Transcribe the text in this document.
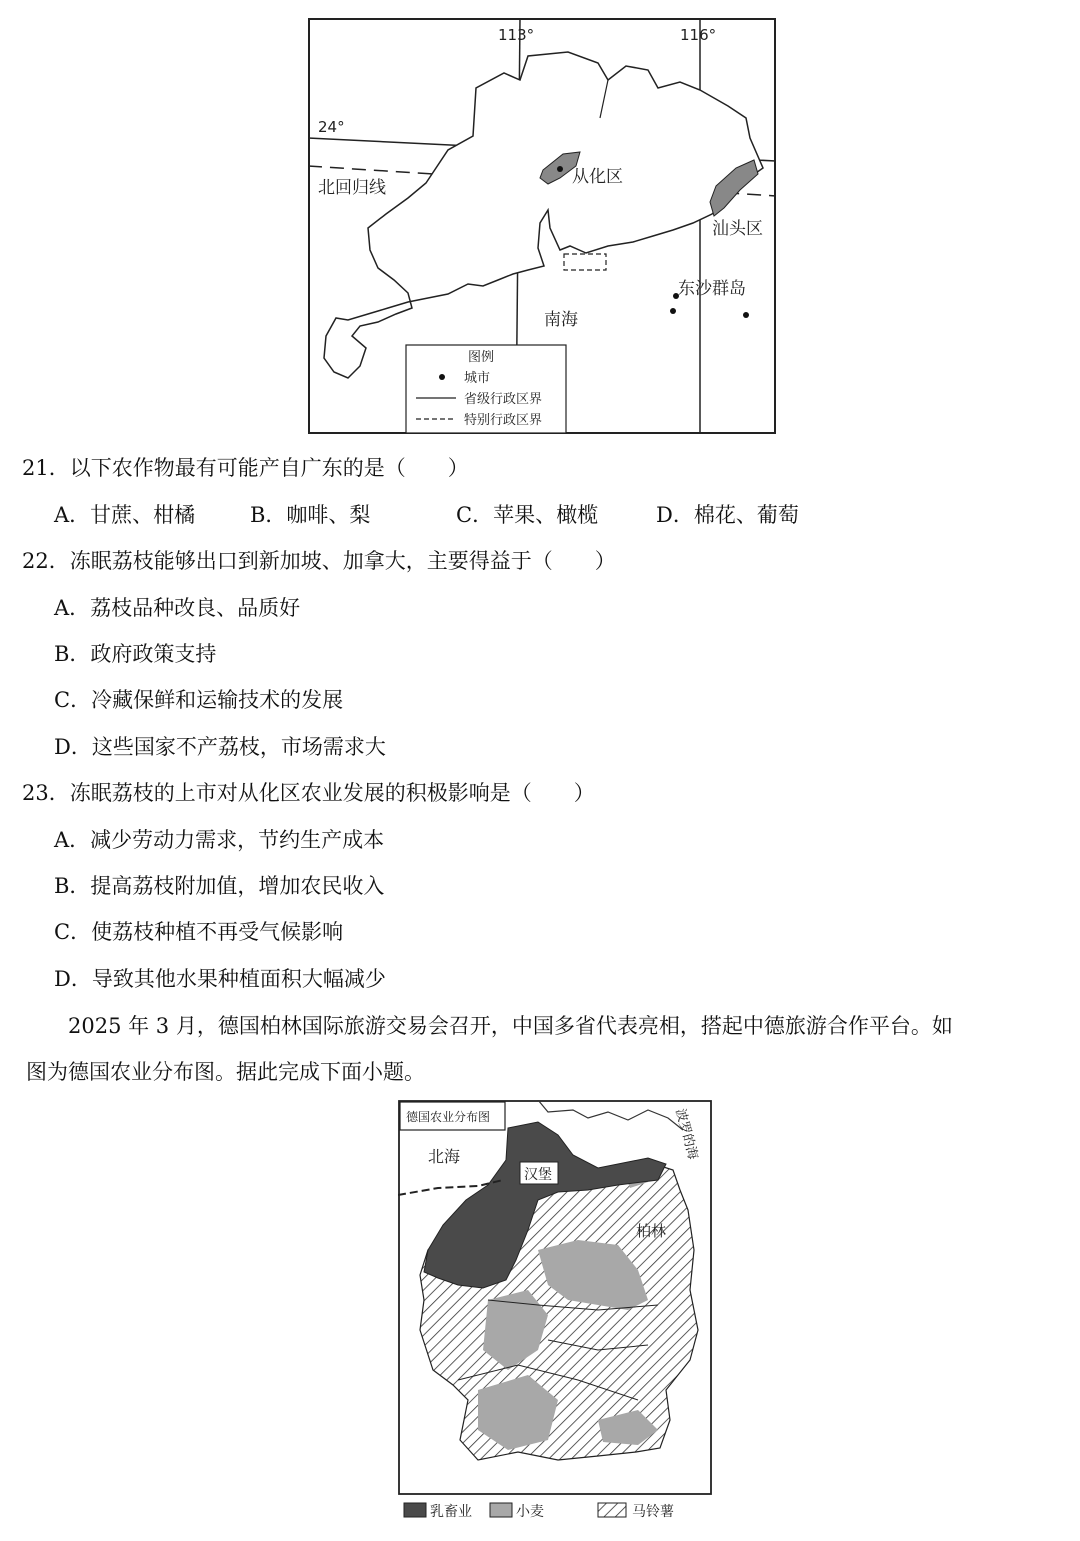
113°	116°
24°
北回归线
从化区
汕头区
东沙群岛
南海
图例
城市
省级行政区界
特别行政区界
21．以下农作物最有可能产自广东的是（　　）
A．甘蔗、柑橘	B．咖啡、梨	C．苹果、橄榄	D．棉花、葡萄
22．冻眠荔枝能够出口到新加坡、加拿大，主要得益于（　　）
A．荔枝品种改良、品质好
B．政府政策支持
C．冷藏保鲜和运输技术的发展
D．这些国家不产荔枝，市场需求大
23．冻眠荔枝的上市对从化区农业发展的积极影响是（　　）
A．减少劳动力需求，节约生产成本
B．提高荔枝附加值，增加农民收入
C．使荔枝种植不再受气候影响
D．导致其他水果种植面积大幅减少
2025 年 3 月，德国柏林国际旅游交易会召开，中国多省代表亮相，搭起中德旅游合作平台。如
图为德国农业分布图。据此完成下面小题。
德国农业分布图
北海	波罗的海
汉堡
柏林
乳畜业	小麦	马铃薯
